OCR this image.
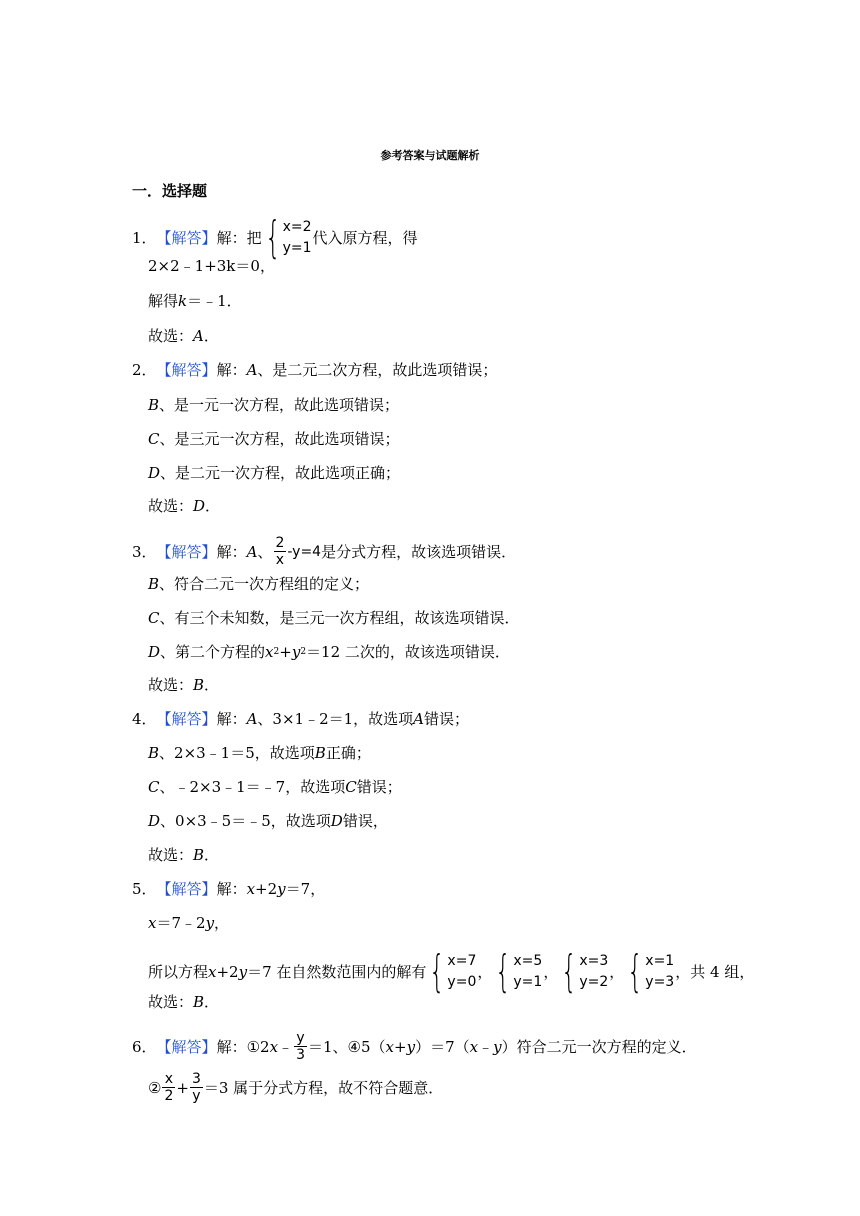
参考答案与试题解析
一．选择题
1． 【解答】 解：把 { x=2
y=1
代入原方程，得
2×2﹣1+3k＝0，
解得 k ＝﹣1．
故选： A ．
2． 【解答】 解： A 、是二元二次方程，故此选项错误；
B 、是一元一次方程，故此选项错误；
C 、是三元一次方程，故此选项错误；
D 、是二元一次方程，故此选项正确；
故选： D ．
3． 【解答】 解： A 、 $\frac{2}{x} -y=4$ 是分式方程，故该选项错误．
B 、符合二元一次方程组的定义；
C 、有三个未知数，是三元一次方程组，故该选项错误．
D 、第二个方程的 x 2 + y 2 ＝12 二次的，故该选项错误．
故选： B ．
4． 【解答】 解： A 、3×1﹣2＝1，故选项 A 错误；
B 、2×3﹣1＝5，故选项 B 正确；
C 、﹣2×3﹣1＝﹣7，故选项 C 错误；
D 、0×3﹣5＝﹣5，故选项 D 错误，
故选： B ．
5． 【解答】 解： x +2 y ＝7，
x ＝7﹣2 y ，
所以方程 x +2 y ＝7 在自然数范围内的解有 { x=7
y=0
， { x=5
y=1
， { x=3
y=2
， { x=1
y=3
， 共 4 组，
故选： B ．
6． 【解答】 解： ① 2 x ﹣ $\frac{y}{3} =1$、 ④ 5（ x + y ）＝7（ x ﹣ y ）符合二元一次方程的定义．
② $\frac{x}{2} + \frac{3}{y} =3$ 属于分式方程，故不符合题意．
